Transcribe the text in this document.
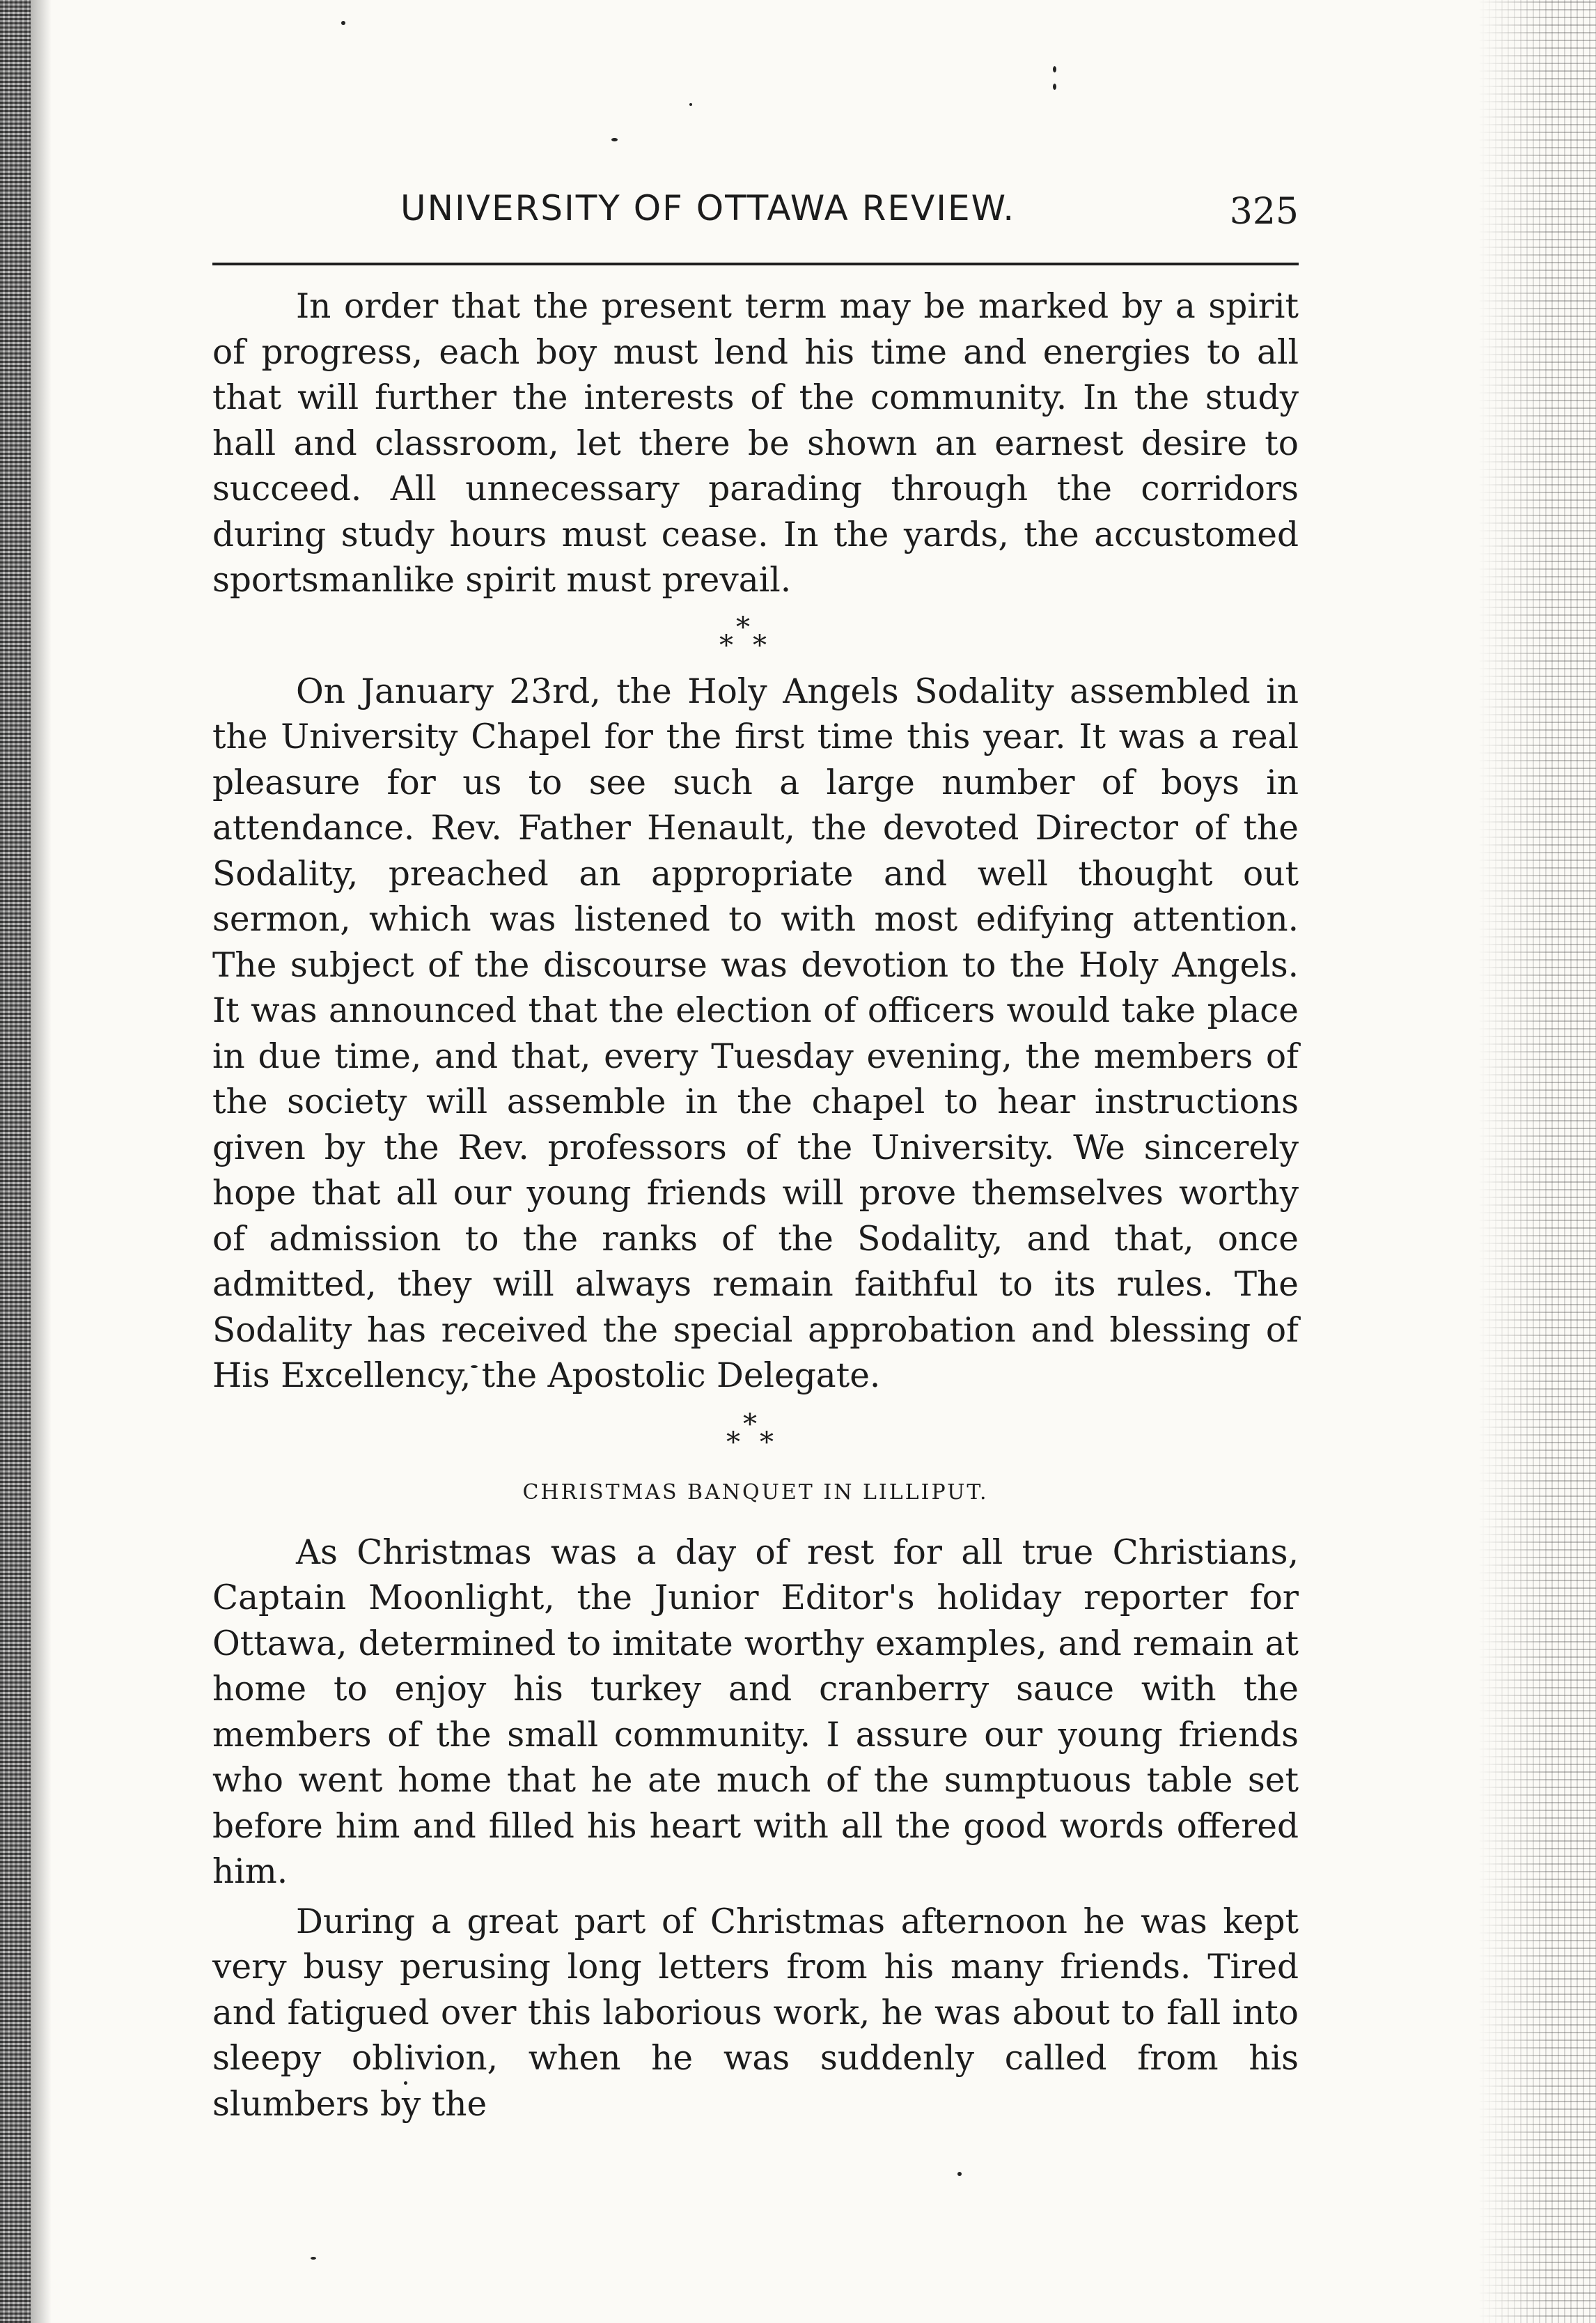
UNIVERSITY OF OTTAWA REVIEW.	325

In order that the present term may be marked by a spirit of progress, each boy must lend his time and energies to all that will further the interests of the community. In the study hall and classroom, let there be shown an earnest desire to succeed. All unnecessary parading through the corridors during study hours must cease. In the yards, the accustomed sportsmanlike spirit must prevail.

*
* *

On January 23rd, the Holy Angels Sodality assembled in the University Chapel for the first time this year. It was a real pleasure for us to see such a large number of boys in attendance. Rev. Father Henault, the devoted Director of the Sodality, preached an appropriate and well thought out sermon, which was listened to with most edifying attention. The subject of the discourse was devotion to the Holy Angels. It was announced that the election of officers would take place in due time, and that, every Tuesday evening, the members of the society will assemble in the chapel to hear instructions given by the Rev. professors of the University. We sincerely hope that all our young friends will prove themselves worthy of admission to the ranks of the Sodality, and that, once admitted, they will always remain faithful to its rules. The Sodality has received the special approbation and blessing of His Excellency, the Apostolic Delegate.

*
* *
CHRISTMAS BANQUET IN LILLIPUT.

As Christmas was a day of rest for all true Christians, Captain Moonlight, the Junior Editor's holiday reporter for Ottawa, determined to imitate worthy examples, and remain at home to enjoy his turkey and cranberry sauce with the members of the small community. I assure our young friends who went home that he ate much of the sumptuous table set before him and filled his heart with all the good words offered him.

During a great part of Christmas afternoon he was kept very busy perusing long letters from his many friends. Tired and fatigued over this laborious work, he was about to fall into sleepy oblivion, when he was suddenly called from his slumbers by the
